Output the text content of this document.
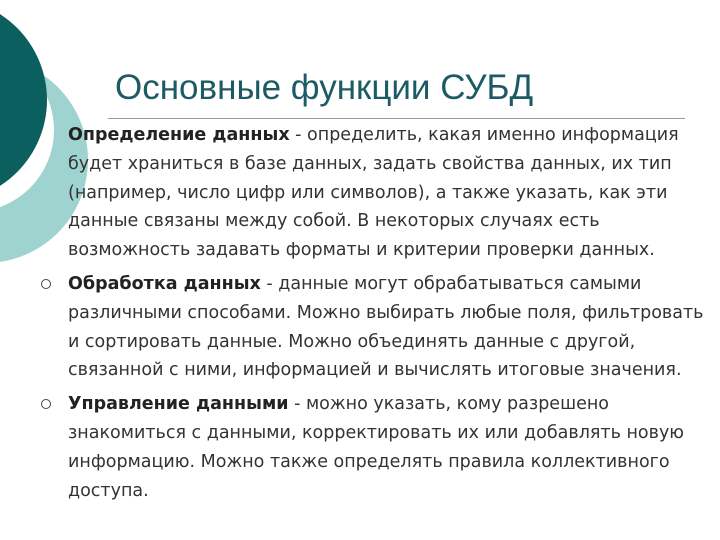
Основные функции СУБД
Определение данных - определить, какая именно информация будет храниться в базе данных, задать свойства данных, их тип (например, число цифр или символов), а также указать, как эти данные связаны между собой. В некоторых случаях есть возможность задавать форматы и критерии проверки данных.
Обработка данных - данные могут обрабатываться самыми различными способами. Можно выбирать любые поля, фильтровать и сортировать данные. Можно объединять данные с другой, связанной с ними, информацией и вычислять итоговые значения.
Управление данными - можно указать, кому разрешено знакомиться с данными, корректировать их или добавлять новую информацию. Можно также определять правила коллективного доступа.
